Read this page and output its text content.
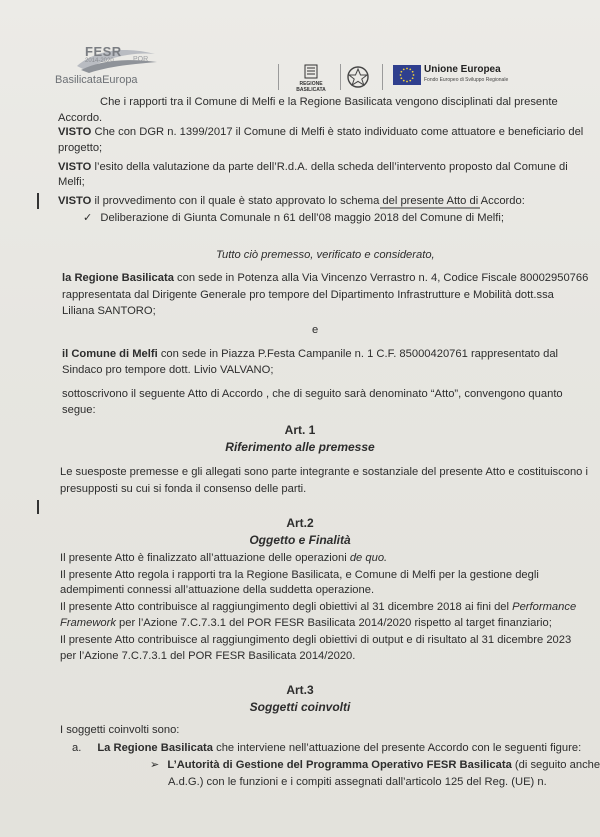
FESR
2014-2020	POR
BasilicataEuropa	REGIONE BASILICATA
Unione Europea
Fondo Europeo di Sviluppo Regionale
Che i rapporti tra il Comune di Melfi e la Regione Basilicata vengono disciplinati dal presente
Accordo.
VISTO Che con DGR n. 1399/2017 il Comune di Melfi è stato individuato come attuatore e beneficiario del
progetto;
VISTO l’esito della valutazione da parte dell’R.d.A. della scheda dell’intervento proposto dal Comune di
Melfi;
VISTO il provvedimento con il quale è stato approvato lo schema del presente Atto di Accordo:
✓ Deliberazione di Giunta Comunale n 61 dell’08 maggio 2018 del Comune di Melfi;
Tutto ciò premesso, verificato e considerato,
la Regione Basilicata con sede in Potenza alla Via Vincenzo Verrastro n. 4, Codice Fiscale 80002950766
rappresentata dal Dirigente Generale pro tempore del Dipartimento Infrastrutture e Mobilità dott.ssa
Liliana SANTORO;
e
il Comune di Melfi con sede in Piazza P.Festa Campanile n. 1 C.F. 85000420761 rappresentato dal
Sindaco pro tempore dott. Livio VALVANO;
sottoscrivono il seguente Atto di Accordo , che di seguito sarà denominato “Atto”, convengono quanto
segue:
Art. 1
Riferimento alle premesse
Le suesposte premesse e gli allegati sono parte integrante e sostanziale del presente Atto e costituiscono i
presupposti su cui si fonda il consenso delle parti.
Art.2
Oggetto e Finalità
Il presente Atto è finalizzato all’attuazione delle operazioni de quo.
Il presente Atto regola i rapporti tra la Regione Basilicata, e Comune di Melfi per la gestione degli
adempimenti connessi all’attuazione della suddetta operazione.
Il presente Atto contribuisce al raggiungimento degli obiettivi al 31 dicembre 2018 ai fini del Performance
Framework per l’Azione 7.C.7.3.1 del POR FESR Basilicata 2014/2020 rispetto al target finanziario;
Il presente Atto contribuisce al raggiungimento degli obiettivi di output e di risultato al 31 dicembre 2023
per l’Azione 7.C.7.3.1 del POR FESR Basilicata 2014/2020.
Art.3
Soggetti coinvolti
I soggetti coinvolti sono:
a. La Regione Basilicata che interviene nell’attuazione del presente Accordo con le seguenti figure:
➢ L’Autorità di Gestione del Programma Operativo FESR Basilicata (di seguito anche
A.d.G.) con le funzioni e i compiti assegnati dall’articolo 125 del Reg. (UE) n.
